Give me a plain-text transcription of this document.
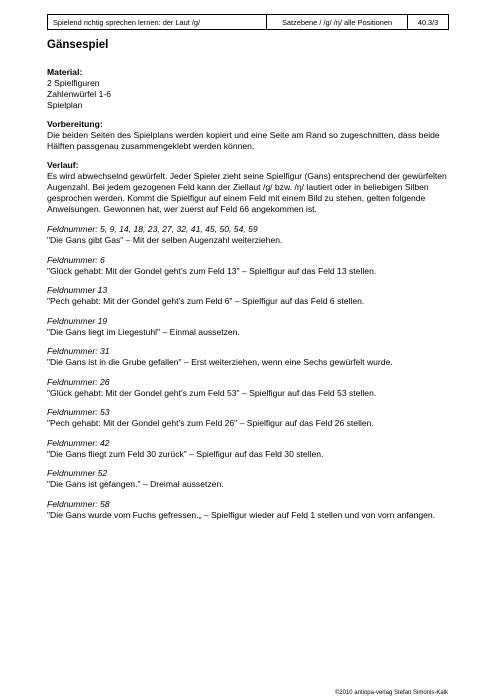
Spielend richtig sprechen lernen: der Laut /g/	Satzebene / /g/ /ŋ/ alle Positionen	40.3/3
Gänsespiel
Material:
2 Spielfiguren
Zahlenwürfel 1-6
Spielplan
Vorbereitung:
Die beiden Seiten des Spielplans werden kopiert und eine Seite am Rand so zugeschnitten, dass beide Hälften passgenau zusammengeklebt werden können.
Verlauf:
Es wird abwechselnd gewürfelt. Jeder Spieler zieht seine Spielfigur (Gans) entsprechend der gewürfelten Augenzahl. Bei jedem gezogenen Feld kann der Ziellaut /g/ bzw. /ŋ/ lautiert oder in beliebigen Silben gesprochen werden. Kommt die Spielfigur auf einem Feld mit einem Bild zu stehen, gelten folgende Anweisungen. Gewonnen hat, wer zuerst auf Feld 66 angekommen ist.
Feldnummer: 5, 9, 14, 18, 23, 27, 32, 41, 45, 50, 54, 59
"Die Gans gibt Gas" – Mit der selben Augenzahl weiterziehen.
Feldnummer: 6
"Glück gehabt: Mit der Gondel geht's zum Feld 13" – Spielfigur auf das Feld 13 stellen.
Feldnummer 13
"Pech gehabt: Mit der Gondel geht's zum Feld 6" – Spielfigur auf das Feld 6 stellen.
Feldnummer 19
"Die Gans liegt im Liegestuhl" – Einmal aussetzen.
Feldnummer: 31
"Die Gans ist in die Grube gefallen" – Erst weiterziehen, wenn eine Sechs gewürfelt wurde.
Feldnummer: 26
"Glück gehabt: Mit der Gondel geht's zum Feld 53" – Spielfigur auf das Feld 53 stellen.
Feldnummer: 53
"Pech gehabt: Mit der Gondel geht's zum Feld 26" – Spielfigur auf das Feld 26 stellen.
Feldnummer: 42
"Die Gans fliegt zum Feld 30 zurück" – Spielfigur auf das Feld 30 stellen.
Feldnummer 52
"Die Gans ist gefangen." – Dreimal aussetzen.
Feldnummer: 58
"Die Gans wurde vom Fuchs gefressen.„ – Spielfigur wieder auf Feld 1 stellen und von vorn anfangen.
©2010 antiopa-verlag Stefan Simonis-Kalk
